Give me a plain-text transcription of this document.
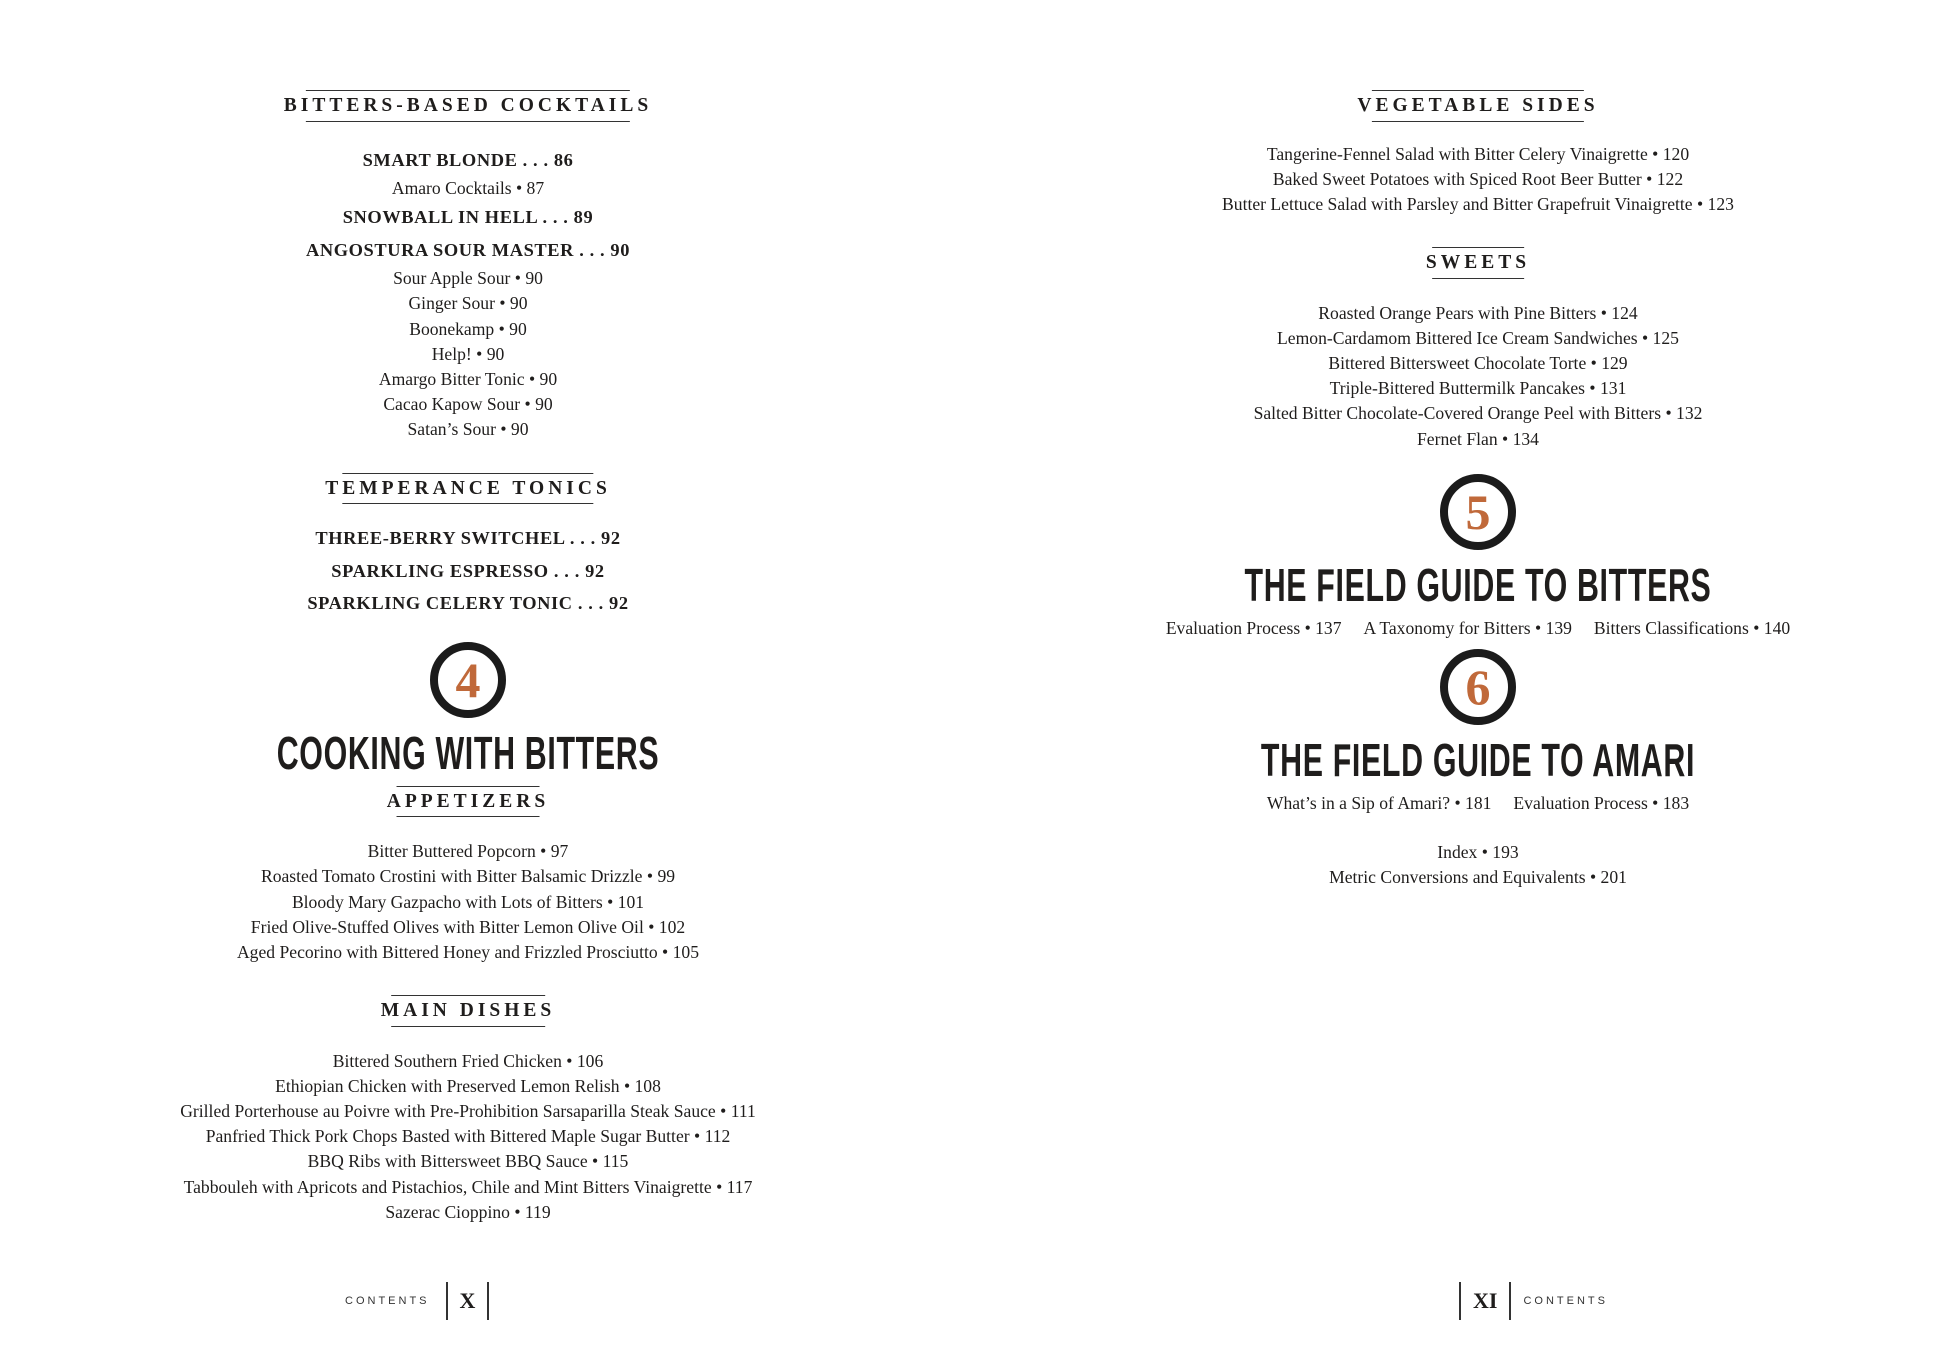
BITTERS-BASED COCKTAILS
SMART BLONDE . . . 86
Amaro Cocktails • 87
SNOWBALL IN HELL . . . 89
ANGOSTURA SOUR MASTER . . . 90
Sour Apple Sour • 90
Ginger Sour • 90
Boonekamp • 90
Help! • 90
Amargo Bitter Tonic • 90
Cacao Kapow Sour • 90
Satan’s Sour • 90
TEMPERANCE TONICS
THREE-BERRY SWITCHEL . . . 92
SPARKLING ESPRESSO . . . 92
SPARKLING CELERY TONIC . . . 92
4
COOKING WITH BITTERS
APPETIZERS
Bitter Buttered Popcorn • 97
Roasted Tomato Crostini with Bitter Balsamic Drizzle • 99
Bloody Mary Gazpacho with Lots of Bitters • 101
Fried Olive-Stuffed Olives with Bitter Lemon Olive Oil • 102
Aged Pecorino with Bittered Honey and Frizzled Prosciutto • 105
MAIN DISHES
Bittered Southern Fried Chicken • 106
Ethiopian Chicken with Preserved Lemon Relish • 108
Grilled Porterhouse au Poivre with Pre-Prohibition Sarsaparilla Steak Sauce • 111
Panfried Thick Pork Chops Basted with Bittered Maple Sugar Butter • 112
BBQ Ribs with Bittersweet BBQ Sauce • 115
Tabbouleh with Apricots and Pistachios, Chile and Mint Bitters Vinaigrette • 117
Sazerac Cioppino • 119
CONTENTS	X
VEGETABLE SIDES
Tangerine-Fennel Salad with Bitter Celery Vinaigrette • 120
Baked Sweet Potatoes with Spiced Root Beer Butter • 122
Butter Lettuce Salad with Parsley and Bitter Grapefruit Vinaigrette • 123
SWEETS
Roasted Orange Pears with Pine Bitters • 124
Lemon-Cardamom Bittered Ice Cream Sandwiches • 125
Bittered Bittersweet Chocolate Torte • 129
Triple-Bittered Buttermilk Pancakes • 131
Salted Bitter Chocolate-Covered Orange Peel with Bitters • 132
Fernet Flan • 134
5
THE FIELD GUIDE TO BITTERS
Evaluation Process • 137 A Taxonomy for Bitters • 139 Bitters Classifications • 140
6
THE FIELD GUIDE TO AMARI
What’s in a Sip of Amari? • 181 Evaluation Process • 183
Index • 193
Metric Conversions and Equivalents • 201
XI	CONTENTS
